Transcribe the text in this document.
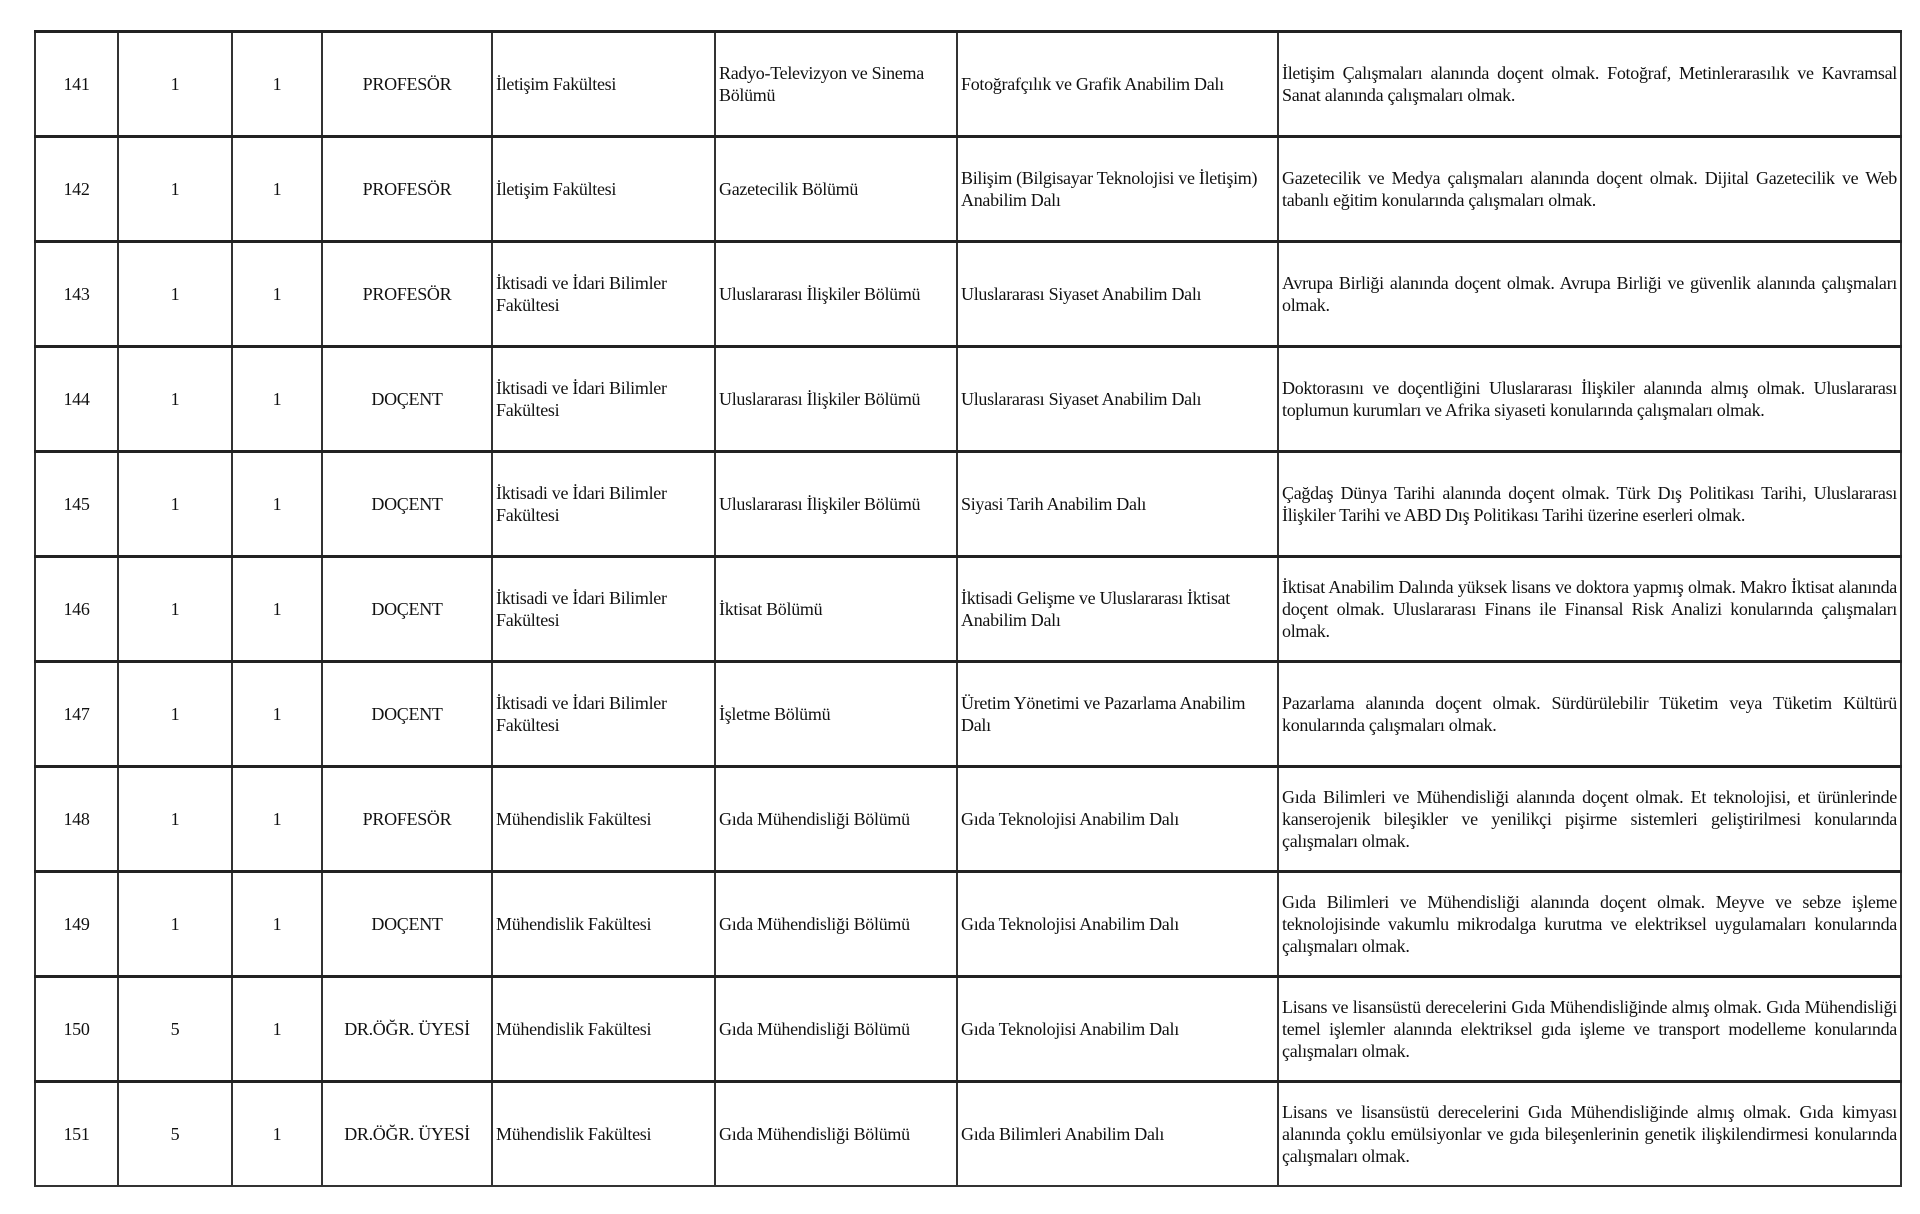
141	1	1	PROFESÖR	İletişim Fakültesi	Radyo-Televizyon ve Sinema Bölümü	Fotoğrafçılık ve Grafik Anabilim Dalı	İletişim Çalışmaları alanında doçent olmak. Fotoğraf, Metinlerarasılık ve Kavramsal Sanat alanında çalışmaları olmak.
142	1	1	PROFESÖR	İletişim Fakültesi	Gazetecilik Bölümü	Bilişim (Bilgisayar Teknolojisi ve İletişim) Anabilim Dalı	Gazetecilik ve Medya çalışmaları alanında doçent olmak. Dijital Gazetecilik ve Web tabanlı eğitim konularında çalışmaları olmak.
143	1	1	PROFESÖR	İktisadi ve İdari Bilimler Fakültesi	Uluslararası İlişkiler Bölümü	Uluslararası Siyaset Anabilim Dalı	Avrupa Birliği alanında doçent olmak. Avrupa Birliği ve güvenlik alanında çalışmaları olmak.
144	1	1	DOÇENT	İktisadi ve İdari Bilimler Fakültesi	Uluslararası İlişkiler Bölümü	Uluslararası Siyaset Anabilim Dalı	Doktorasını ve doçentliğini Uluslararası İlişkiler alanında almış olmak. Uluslararası toplumun kurumları ve Afrika siyaseti konularında çalışmaları olmak.
145	1	1	DOÇENT	İktisadi ve İdari Bilimler Fakültesi	Uluslararası İlişkiler Bölümü	Siyasi Tarih Anabilim Dalı	Çağdaş Dünya Tarihi alanında doçent olmak. Türk Dış Politikası Tarihi, Uluslararası İlişkiler Tarihi ve ABD Dış Politikası Tarihi üzerine eserleri olmak.
146	1	1	DOÇENT	İktisadi ve İdari Bilimler Fakültesi	İktisat Bölümü	İktisadi Gelişme ve Uluslararası İktisat Anabilim Dalı	İktisat Anabilim Dalında yüksek lisans ve doktora yapmış olmak. Makro İktisat alanında doçent olmak. Uluslararası Finans ile Finansal Risk Analizi konularında çalışmaları olmak.
147	1	1	DOÇENT	İktisadi ve İdari Bilimler Fakültesi	İşletme Bölümü	Üretim Yönetimi ve Pazarlama Anabilim Dalı	Pazarlama alanında doçent olmak. Sürdürülebilir Tüketim veya Tüketim Kültürü konularında çalışmaları olmak.
148	1	1	PROFESÖR	Mühendislik Fakültesi	Gıda Mühendisliği Bölümü	Gıda Teknolojisi Anabilim Dalı	Gıda Bilimleri ve Mühendisliği alanında doçent olmak. Et teknolojisi, et ürünlerinde kanserojenik bileşikler ve yenilikçi pişirme sistemleri geliştirilmesi konularında çalışmaları olmak.
149	1	1	DOÇENT	Mühendislik Fakültesi	Gıda Mühendisliği Bölümü	Gıda Teknolojisi Anabilim Dalı	Gıda Bilimleri ve Mühendisliği alanında doçent olmak. Meyve ve sebze işleme teknolojisinde vakumlu mikrodalga kurutma ve elektriksel uygulamaları konularında çalışmaları olmak.
150	5	1	DR.ÖĞR. ÜYESİ	Mühendislik Fakültesi	Gıda Mühendisliği Bölümü	Gıda Teknolojisi Anabilim Dalı	Lisans ve lisansüstü derecelerini Gıda Mühendisliğinde almış olmak. Gıda Mühendisliği temel işlemler alanında elektriksel gıda işleme ve transport modelleme konularında çalışmaları olmak.
151	5	1	DR.ÖĞR. ÜYESİ	Mühendislik Fakültesi	Gıda Mühendisliği Bölümü	Gıda Bilimleri Anabilim Dalı	Lisans ve lisansüstü derecelerini Gıda Mühendisliğinde almış olmak. Gıda kimyası alanında çoklu emülsiyonlar ve gıda bileşenlerinin genetik ilişkilendirmesi konularında çalışmaları olmak.
